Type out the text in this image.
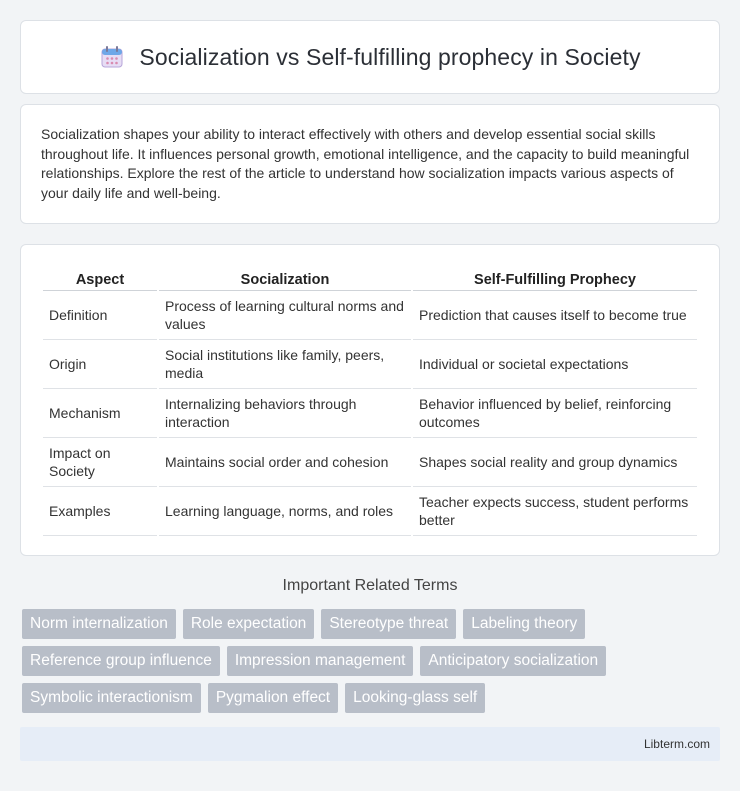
Socialization vs Self-fulfilling prophecy in Society

Socialization shapes your ability to interact effectively with others and develop essential social skills throughout life. It influences personal growth, emotional intelligence, and the capacity to build meaningful relationships. Explore the rest of the article to understand how socialization impacts various aspects of your daily life and well-being.

Aspect	Socialization	Self-Fulfilling Prophecy
Definition	Process of learning cultural norms and values	Prediction that causes itself to become true
Origin	Social institutions like family, peers, media	Individual or societal expectations
Mechanism	Internalizing behaviors through interaction	Behavior influenced by belief, reinforcing outcomes
Impact on Society	Maintains social order and cohesion	Shapes social reality and group dynamics
Examples	Learning language, norms, and roles	Teacher expects success, student performs better
Important Related Terms
Norm internalization	Role expectation	Stereotype threat	Labeling theory
Reference group influence	Impression management	Anticipatory socialization
Symbolic interactionism	Pygmalion effect	Looking-glass self
Libterm.com
